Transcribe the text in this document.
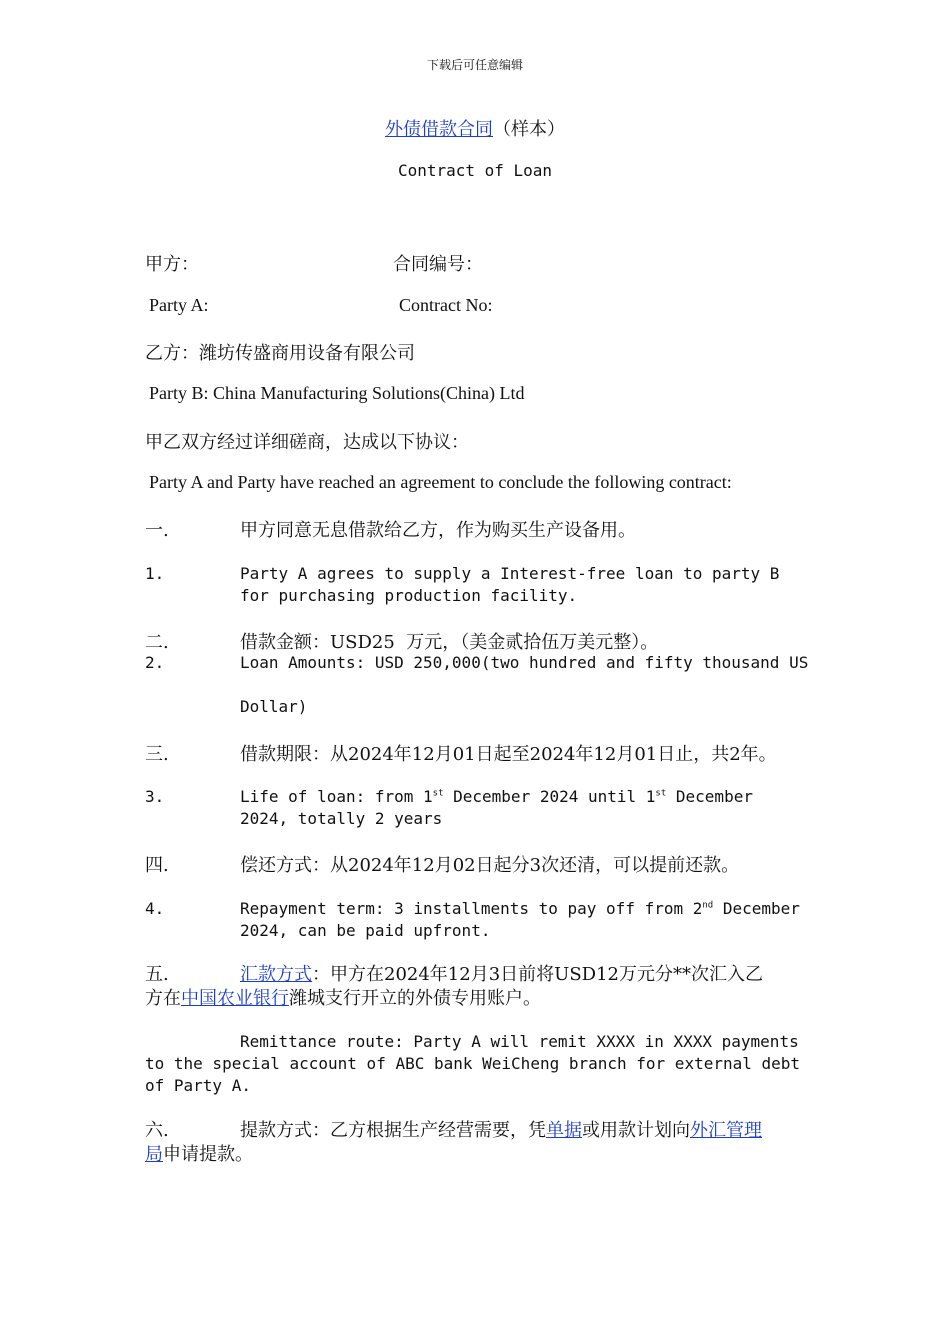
下载后可任意编辑
外债借款合同（样本）
Contract of Loan
甲方：	合同编号：
Party A:	Contract No:
乙方：潍坊传盛商用设备有限公司
Party B: China Manufacturing Solutions(China) Ltd
甲乙双方经过详细磋商，达成以下协议：
Party A and Party have reached an agreement to conclude the following contract:
一.	甲方同意无息借款给乙方，作为购买生产设备用。
1.	Party A agrees to supply a Interest-free loan to party B
for purchasing production facility.
二.	借款金额：USD25  万元，（美金贰拾伍万美元整）。
2.	Loan Amounts: USD 250,000(two hundred and fifty thousand US
Dollar)
三.	借款期限：从2024年12月01日起至2024年12月01日止，共2年。
3.	Life of loan: from 1st December 2024 until 1st December
2024, totally 2 years
四.	偿还方式：从2024年12月02日起分3次还清，可以提前还款。
4.	Repayment term: 3 installments to pay off from 2nd December
2024, can be paid upfront.
五.	汇款方式：甲方在2024年12月3日前将USD12万元分**次汇入乙
方在中国农业银行潍城支行开立的外债专用账户。
Remittance route: Party A will remit XXXX in XXXX payments
to the special account of ABC bank WeiCheng branch for external debt
of Party A.
六.	提款方式：乙方根据生产经营需要，凭单据或用款计划向外汇管理
局申请提款。
